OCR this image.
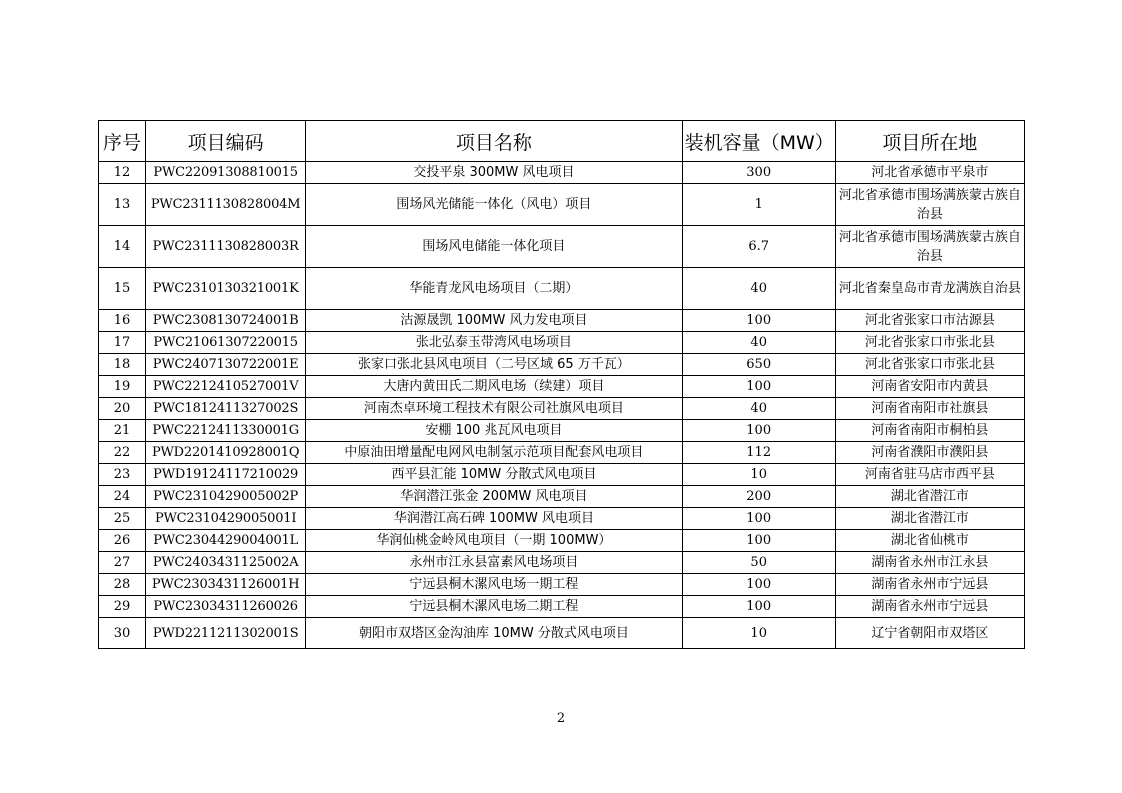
序号	项目编码	项目名称	装机容量（MW）	项目所在地
12	PWC22091308810015	交投平泉 300MW 风电项目	300	河北省承德市平泉市
13	PWC2311130828004M	围场风光储能一体化（风电）项目	1	河北省承德市围场满族蒙古族自治县
14	PWC2311130828003R	围场风电储能一体化项目	6.7	河北省承德市围场满族蒙古族自治县
15	PWC2310130321001K	华能青龙风电场项目（二期）	40	河北省秦皇岛市青龙满族自治县
16	PWC2308130724001B	沽源晟凯 100MW 风力发电项目	100	河北省张家口市沽源县
17	PWC21061307220015	张北弘泰玉带湾风电场项目	40	河北省张家口市张北县
18	PWC2407130722001E	张家口张北县风电项目（二号区域 65 万千瓦）	650	河北省张家口市张北县
19	PWC2212410527001V	大唐内黄田氏二期风电场（续建）项目	100	河南省安阳市内黄县
20	PWC1812411327002S	河南杰卓环境工程技术有限公司社旗风电项目	40	河南省南阳市社旗县
21	PWC2212411330001G	安棚 100 兆瓦风电项目	100	河南省南阳市桐柏县
22	PWD2201410928001Q	中原油田增量配电网风电制氢示范项目配套风电项目	112	河南省濮阳市濮阳县
23	PWD19124117210029	西平县汇能 10MW 分散式风电项目	10	河南省驻马店市西平县
24	PWC2310429005002P	华润潜江张金 200MW 风电项目	200	湖北省潜江市
25	PWC2310429005001I	华润潜江高石碑 100MW 风电项目	100	湖北省潜江市
26	PWC2304429004001L	华润仙桃金岭风电项目（一期 100MW）	100	湖北省仙桃市
27	PWC2403431125002A	永州市江永县富素风电场项目	50	湖南省永州市江永县
28	PWC2303431126001H	宁远县桐木漯风电场一期工程	100	湖南省永州市宁远县
29	PWC23034311260026	宁远县桐木漯风电场二期工程	100	湖南省永州市宁远县
30	PWD2211211302001S	朝阳市双塔区金沟油库 10MW 分散式风电项目	10	辽宁省朝阳市双塔区
2
